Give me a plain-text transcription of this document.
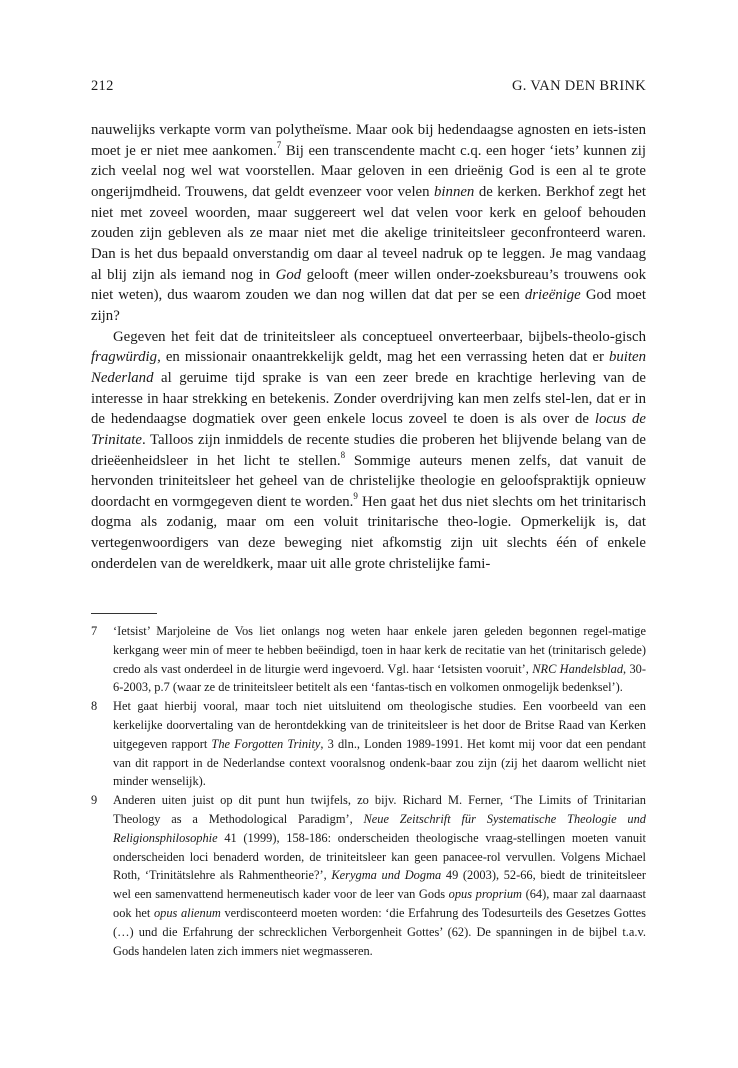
212	G. VAN DEN BRINK

nauwelijks verkapte vorm van polytheïsme. Maar ook bij hedendaagse agnosten en iets-isten moet je er niet mee aankomen.$^7$ Bij een transcendente macht c.q. een hoger ‘iets’ kunnen zij zich veelal nog wel wat voorstellen. Maar geloven in een drieënig God is een al te grote ongerijmdheid. Trouwens, dat geldt evenzeer voor velen binnen de kerken. Berkhof zegt het niet met zoveel woorden, maar suggereert wel dat velen voor kerk en geloof behouden zouden zijn gebleven als ze maar niet met die akelige triniteitsleer geconfronteerd waren. Dan is het dus bepaald onverstandig om daar al teveel nadruk op te leggen. Je mag vandaag al blij zijn als iemand nog in God gelooft (meer willen onder-zoeksbureau’s trouwens ook niet weten), dus waarom zouden we dan nog willen dat dat per se een drieënige God moet zijn?

Gegeven het feit dat de triniteitsleer als conceptueel onverteerbaar, bijbels-theolo-gisch fragwürdig, en missionair onaantrekkelijk geldt, mag het een verrassing heten dat er buiten Nederland al geruime tijd sprake is van een zeer brede en krachtige herleving van de interesse in haar strekking en betekenis. Zonder overdrijving kan men zelfs stel-len, dat er in de hedendaagse dogmatiek over geen enkele locus zoveel te doen is als over de locus de Trinitate. Talloos zijn inmiddels de recente studies die proberen het blijvende belang van de drieëenheidsleer in het licht te stellen.$^8$ Sommige auteurs menen zelfs, dat vanuit de hervonden triniteitsleer het geheel van de christelijke theologie en geloofspraktijk opnieuw doordacht en vormgegeven dient te worden.$^9$ Hen gaat het dus niet slechts om het trinitarisch dogma als zodanig, maar om een voluit trinitarische theo-logie. Opmerkelijk is, dat vertegenwoordigers van deze beweging niet afkomstig zijn uit slechts één of enkele onderdelen van de wereldkerk, maar uit alle grote christelijke fami-

7 ‘Ietsist’ Marjoleine de Vos liet onlangs nog weten haar enkele jaren geleden begonnen regel-matige kerkgang weer min of meer te hebben beëindigd, toen in haar kerk de recitatie van het (trinitarisch gelede) credo als vast onderdeel in de liturgie werd ingevoerd. Vgl. haar ‘Ietsisten vooruit’, NRC Handelsblad, 30-6-2003, p.7 (waar ze de triniteitsleer betitelt als een ‘fantas-tisch en volkomen onmogelijk bedenksel’).
8 Het gaat hierbij vooral, maar toch niet uitsluitend om theologische studies. Een voorbeeld van een kerkelijke doorvertaling van de herontdekking van de triniteitsleer is het door de Britse Raad van Kerken uitgegeven rapport The Forgotten Trinity, 3 dln., Londen 1989-1991. Het komt mij voor dat een pendant van dit rapport in de Nederlandse context vooralsnog ondenk-baar zou zijn (zij het daarom wellicht niet minder wenselijk).
9 Anderen uiten juist op dit punt hun twijfels, zo bijv. Richard M. Ferner, ‘The Limits of Trinitarian Theology as a Methodological Paradigm’, Neue Zeitschrift für Systematische Theologie und Religionsphilosophie 41 (1999), 158-186: onderscheiden theologische vraag-stellingen moeten vanuit onderscheiden loci benaderd worden, de triniteitsleer kan geen panacee-rol vervullen. Volgens Michael Roth, ‘Trinitätslehre als Rahmentheorie?’, Kerygma und Dogma 49 (2003), 52-66, biedt de triniteitsleer wel een samenvattend hermeneutisch kader voor de leer van Gods opus proprium (64), maar zal daarnaast ook het opus alienum verdisconteerd moeten worden: ‘die Erfahrung des Todesurteils des Gesetzes Gottes (…) und die Erfahrung der schrecklichen Verborgenheit Gottes’ (62). De spanningen in de bijbel t.a.v. Gods handelen laten zich immers niet wegmasseren.
